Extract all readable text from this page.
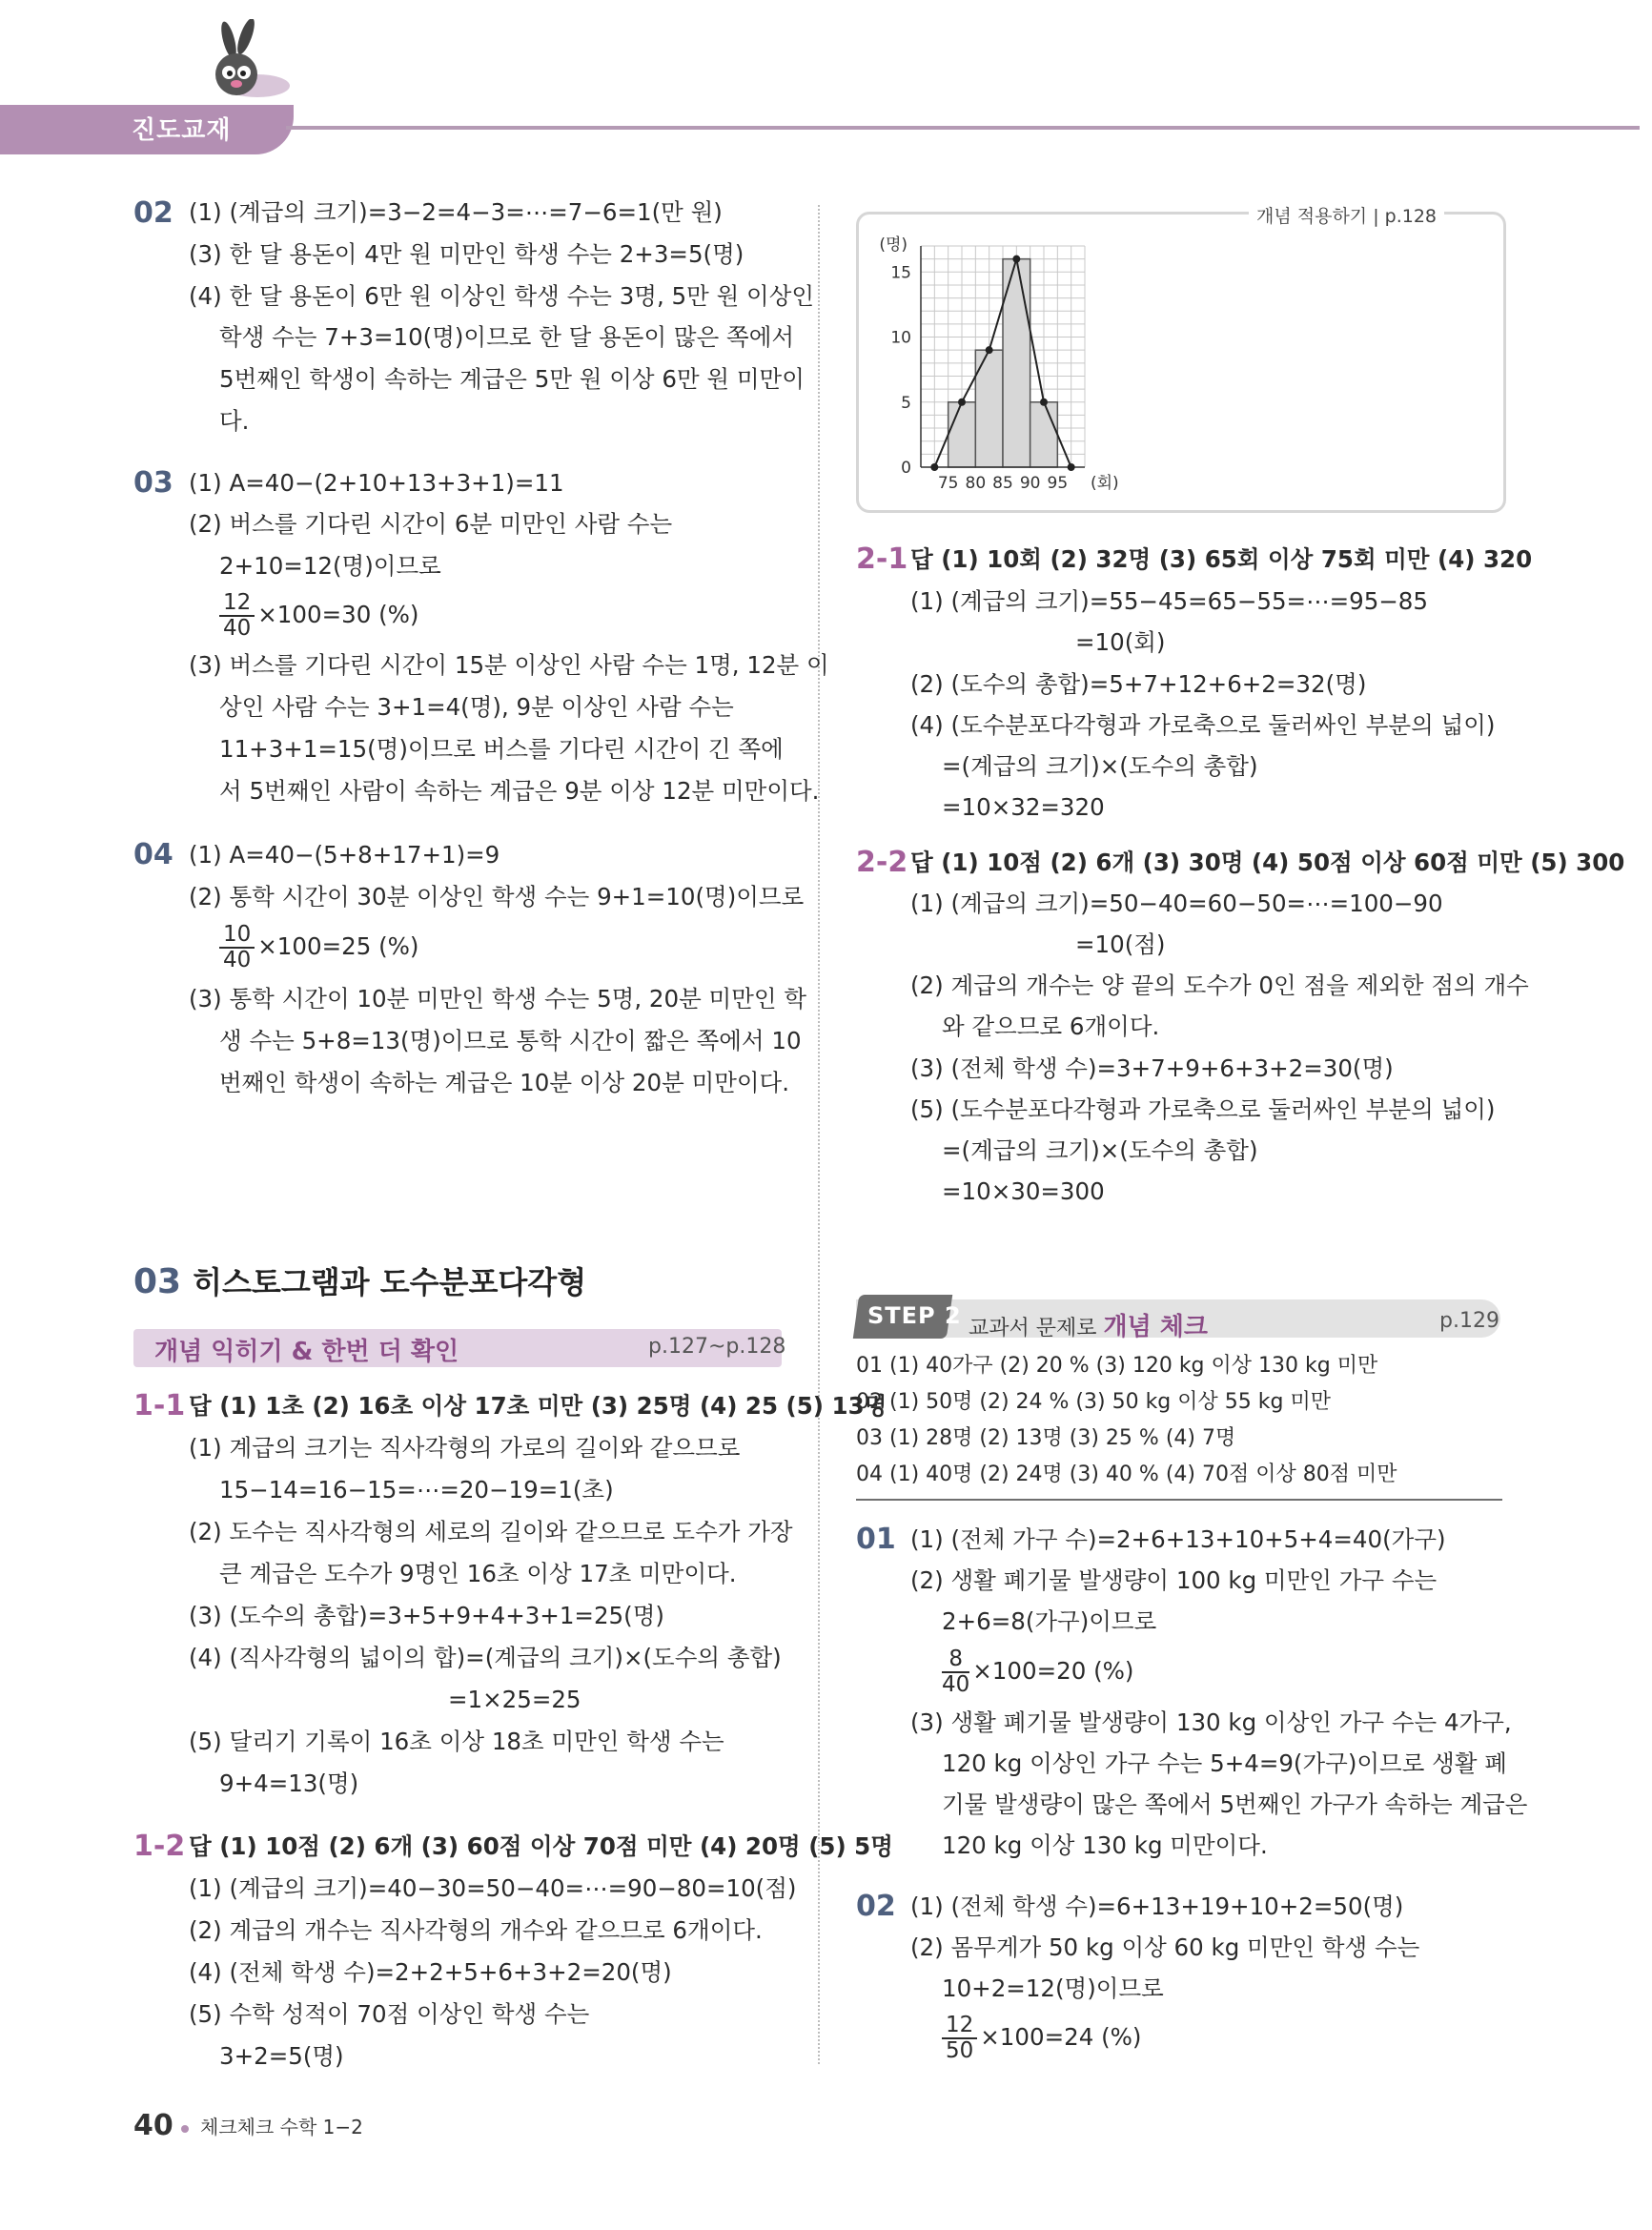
진도교재
02 (1) (계급의 크기)=3−2=4−3=⋯=7−6=1(만 원)
(3) 한 달 용돈이 4만 원 미만인 학생 수는 2+3=5(명)
(4) 한 달 용돈이 6만 원 이상인 학생 수는 3명, 5만 원 이상인
학생 수는 7+3=10(명)이므로 한 달 용돈이 많은 쪽에서
5번째인 학생이 속하는 계급은 5만 원 이상 6만 원 미만이
다.
03 (1) A=40−(2+10+13+3+1)=11
(2) 버스를 기다린 시간이 6분 미만인 사람 수는
2+10=12(명)이므로
$\frac{12}{40} \times 100=30$ (%)
(3) 버스를 기다린 시간이 15분 이상인 사람 수는 1명, 12분 이
상인 사람 수는 3+1=4(명), 9분 이상인 사람 수는
11+3+1=15(명)이므로 버스를 기다린 시간이 긴 쪽에
서 5번째인 사람이 속하는 계급은 9분 이상 12분 미만이다.
04 (1) A=40−(5+8+17+1)=9
(2) 통학 시간이 30분 이상인 학생 수는 9+1=10(명)이므로
$\frac{10}{40} \times 100=25$ (%)
(3) 통학 시간이 10분 미만인 학생 수는 5명, 20분 미만인 학
생 수는 5+8=13(명)이므로 통학 시간이 짧은 쪽에서 10
번째인 학생이 속하는 계급은 10분 이상 20분 미만이다.
03 히스토그램과 도수분포다각형
개념 익히기 & 한번 더 확인	p.127~p.128
1-1 답 (1) 1초 (2) 16초 이상 17초 미만 (3) 25명 (4) 25 (5) 13명
(1) 계급의 크기는 직사각형의 가로의 길이와 같으므로
15−14=16−15=⋯=20−19=1(초)
(2) 도수는 직사각형의 세로의 길이와 같으므로 도수가 가장
큰 계급은 도수가 9명인 16초 이상 17초 미만이다.
(3) (도수의 총합)=3+5+9+4+3+1=25(명)
(4) (직사각형의 넓이의 합)=(계급의 크기)×(도수의 총합)
=1×25=25
(5) 달리기 기록이 16초 이상 18초 미만인 학생 수는
9+4=13(명)
1-2 답 (1) 10점 (2) 6개 (3) 60점 이상 70점 미만 (4) 20명 (5) 5명
(1) (계급의 크기)=40−30=50−40=⋯=90−80=10(점)
(2) 계급의 개수는 직사각형의 개수와 같으므로 6개이다.
(4) (전체 학생 수)=2+2+5+6+3+2=20(명)
(5) 수학 성적이 70점 이상인 학생 수는
3+2=5(명)
개념 적용하기 | p.128
0
5
10
15
75 80 85 90 95
(명)
(회)
2-1 답 (1) 10회 (2) 32명 (3) 65회 이상 75회 미만 (4) 320
(1) (계급의 크기)=55−45=65−55=⋯=95−85
=10(회)
(2) (도수의 총합)=5+7+12+6+2=32(명)
(4) (도수분포다각형과 가로축으로 둘러싸인 부분의 넓이)
=(계급의 크기)×(도수의 총합)
=10×32=320
2-2 답 (1) 10점 (2) 6개 (3) 30명 (4) 50점 이상 60점 미만 (5) 300
(1) (계급의 크기)=50−40=60−50=⋯=100−90
=10(점)
(2) 계급의 개수는 양 끝의 도수가 0인 점을 제외한 점의 개수
와 같으므로 6개이다.
(3) (전체 학생 수)=3+7+9+6+3+2=30(명)
(5) (도수분포다각형과 가로축으로 둘러싸인 부분의 넓이)
=(계급의 크기)×(도수의 총합)
=10×30=300
STEP 2 교과서 문제로 개념 체크	p.129
01 (1) 40가구 (2) 20 % (3) 120 kg 이상 130 kg 미만
02 (1) 50명 (2) 24 % (3) 50 kg 이상 55 kg 미만
03 (1) 28명 (2) 13명 (3) 25 % (4) 7명
04 (1) 40명 (2) 24명 (3) 40 % (4) 70점 이상 80점 미만
01 (1) (전체 가구 수)=2+6+13+10+5+4=40(가구)
(2) 생활 폐기물 발생량이 100 kg 미만인 가구 수는
2+6=8(가구)이므로
$\frac{8}{40} \times 100=20$ (%)
(3) 생활 폐기물 발생량이 130 kg 이상인 가구 수는 4가구,
120 kg 이상인 가구 수는 5+4=9(가구)이므로 생활 폐
기물 발생량이 많은 쪽에서 5번째인 가구가 속하는 계급은
120 kg 이상 130 kg 미만이다.
02 (1) (전체 학생 수)=6+13+19+10+2=50(명)
(2) 몸무게가 50 kg 이상 60 kg 미만인 학생 수는
10+2=12(명)이므로
$\frac{12}{50} \times 100=24$ (%)
40 체크체크 수학 1−2
